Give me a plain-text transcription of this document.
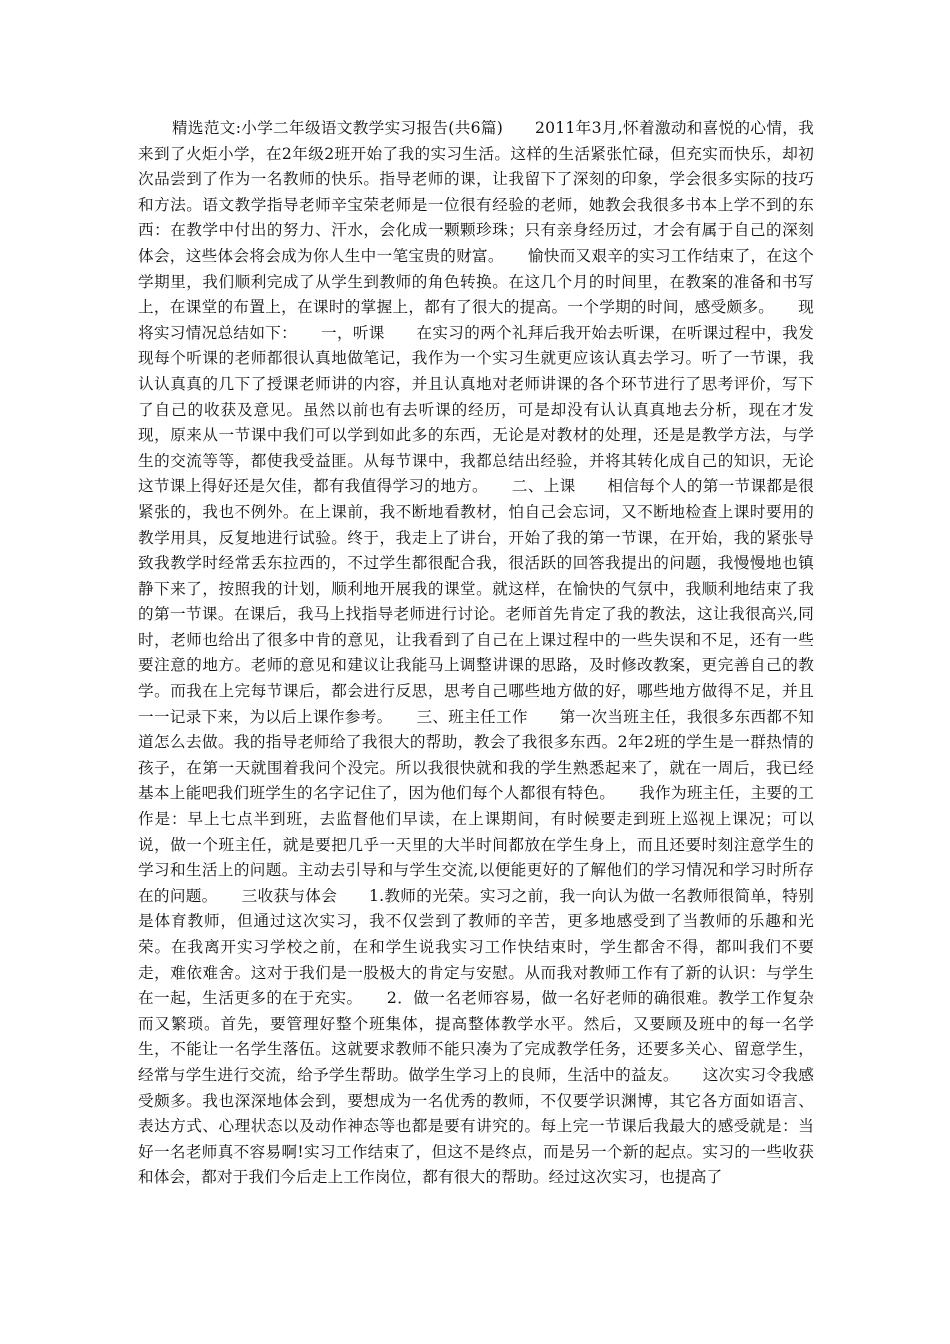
精选范文:小学二年级语文教学实习报告(共6篇)　　2011年3月,怀着激动和喜悦的心情，我来到了火炬小学，在2年级2班开始了我的实习生活。这样的生活紧张忙碌，但充实而快乐，却初次品尝到了作为一名教师的快乐。指导老师的课，让我留下了深刻的印象，学会很多实际的技巧和方法。语文教学指导老师辛宝荣老师是一位很有经验的老师，她教会我很多书本上学不到的东西：在教学中付出的努力、汗水，会化成一颗颗珍珠；只有亲身经历过，才会有属于自己的深刻体会，这些体会将会成为你人生中一笔宝贵的财富。　　愉快而又艰辛的实习工作结束了，在这个学期里，我们顺利完成了从学生到教师的角色转换。在这几个月的时间里，在教案的准备和书写上，在课堂的布置上，在课时的掌握上，都有了很大的提高。一个学期的时间，感受颇多。　　现将实习情况总结如下：　　一，听课　　在实习的两个礼拜后我开始去听课，在听课过程中，我发现每个听课的老师都很认真地做笔记，我作为一个实习生就更应该认真去学习。听了一节课，我认认真真的几下了授课老师讲的内容，并且认真地对老师讲课的各个环节进行了思考评价，写下了自己的收获及意见。虽然以前也有去听课的经历，可是却没有认认真真地去分析，现在才发现，原来从一节课中我们可以学到如此多的东西，无论是对教材的处理，还是是教学方法，与学生的交流等等，都使我受益匪。从每节课中，我都总结出经验，并将其转化成自己的知识，无论这节课上得好还是欠佳，都有我值得学习的地方。　　二、上课　　相信每个人的第一节课都是很紧张的，我也不例外。在上课前，我不断地看教材，怕自己会忘词，又不断地检查上课时要用的教学用具，反复地进行试验。终于，我走上了讲台，开始了我的第一节课，在开始，我的紧张导致我教学时经常丢东拉西的，不过学生都很配合我，很活跃的回答我提出的问题，我慢慢地也镇静下来了，按照我的计划，顺利地开展我的课堂。就这样，在愉快的气氛中，我顺利地结束了我的第一节课。在课后，我马上找指导老师进行讨论。老师首先肯定了我的教法，这让我很高兴,同时，老师也给出了很多中肯的意见，让我看到了自己在上课过程中的一些失误和不足，还有一些要注意的地方。老师的意见和建议让我能马上调整讲课的思路，及时修改教案，更完善自己的教学。而我在上完每节课后，都会进行反思，思考自己哪些地方做的好，哪些地方做得不足，并且一一记录下来，为以后上课作参考。　　三、班主任工作　　第一次当班主任，我很多东西都不知道怎么去做。我的指导老师给了我很大的帮助，教会了我很多东西。2年2班的学生是一群热情的孩子，在第一天就围着我问个没完。所以我很快就和我的学生熟悉起来了，就在一周后，我已经基本上能吧我们班学生的名字记住了，因为他们每个人都很有特色。　　我作为班主任，主要的工作是：早上七点半到班，去监督他们早读，在上课期间，有时候要走到班上巡视上课况；可以说，做一个班主任，就是要把几乎一天里的大半时间都放在学生身上，而且还要时刻注意学生的学习和生活上的问题。主动去引导和与学生交流,以便能更好的了解他们的学习情况和学习时所存在的问题。　　三收获与体会　　1.教师的光荣。实习之前，我一向认为做一名教师很简单，特别是体育教师，但通过这次实习，我不仅尝到了教师的辛苦，更多地感受到了当教师的乐趣和光荣。在我离开实习学校之前，在和学生说我实习工作快结束时，学生都舍不得，都叫我们不要走，难依难舍。这对于我们是一股极大的肯定与安慰。从而我对教师工作有了新的认识：与学生在一起，生活更多的在于充实。　　2．做一名老师容易，做一名好老师的确很难。教学工作复杂而又繁琐。首先，要管理好整个班集体，提高整体教学水平。然后，又要顾及班中的每一名学生，不能让一名学生落伍。这就要求教师不能只凑为了完成教学任务，还要多关心、留意学生，经常与学生进行交流，给予学生帮助。做学生学习上的良师，生活中的益友。　　这次实习令我感受颇多。我也深深地体会到，要想成为一名优秀的教师，不仅要学识渊博，其它各方面如语言、表达方式、心理状态以及动作神态等也都是要有讲究的。每上完一节课后我最大的感受就是：当好一名老师真不容易啊!实习工作结束了，但这不是终点，而是另一个新的起点。实习的一些收获和体会，都对于我们今后走上工作岗位，都有很大的帮助。经过这次实习，也提高了
